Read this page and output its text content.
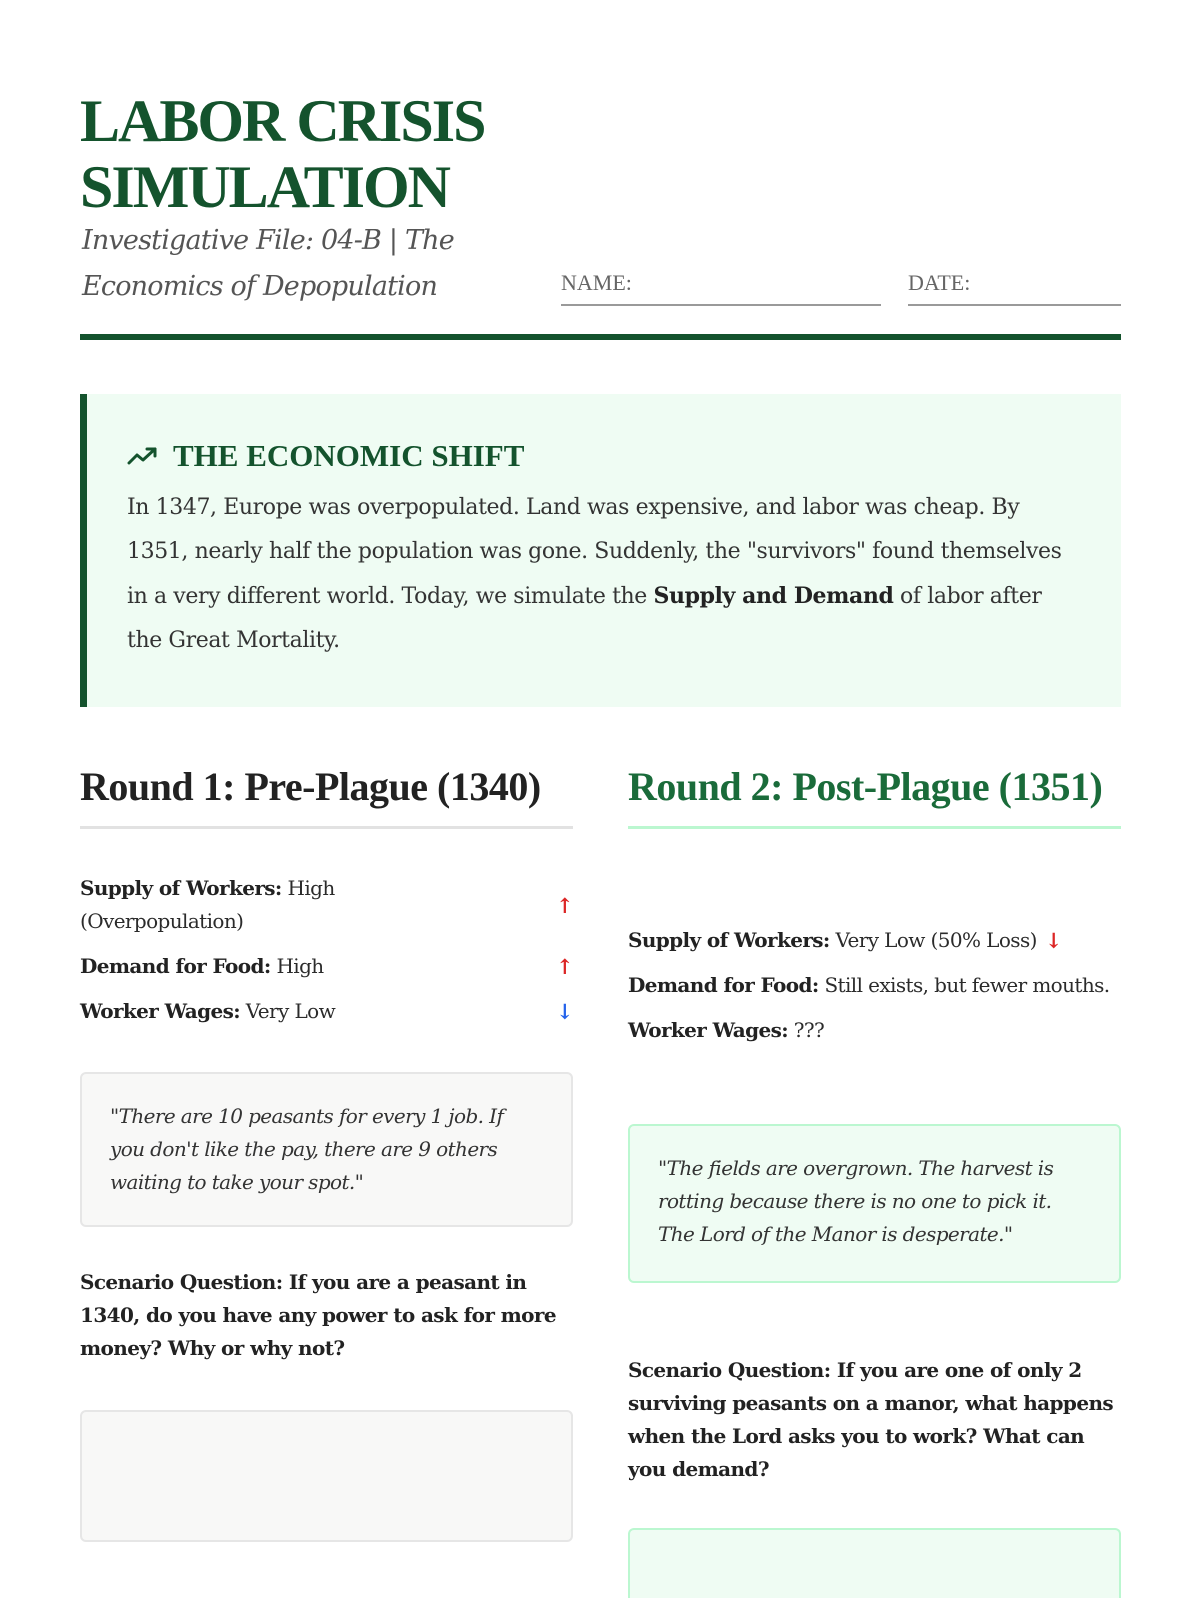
LABOR CRISIS SIMULATION
Investigative File: 04-B | The Economics of Depopulation	NAME:	DATE:
THE ECONOMIC SHIFT

In 1347, Europe was overpopulated. Land was expensive, and labor was cheap. By 1351, nearly half the population was gone. Suddenly, the "survivors" found themselves in a very different world. Today, we simulate the Supply and Demand of labor after the Great Mortality.

Round 1: Pre-Plague (1340)
Supply of Workers: High (Overpopulation)
↑
Demand for Food: High	↑
Worker Wages: Very Low	↓
"There are 10 peasants for every 1 job. If you don't like the pay, there are 9 others waiting to take your spot."
Scenario Question: If you are a peasant in 1340, do you have any power to ask for more money? Why or why not?
Round 2: Post-Plague (1351)
Supply of Workers: Very Low (50% Loss) ↓
Demand for Food: Still exists, but fewer mouths.
Worker Wages: ???
"The fields are overgrown. The harvest is rotting because there is no one to pick it. The Lord of the Manor is desperate."
Scenario Question: If you are one of only 2 surviving peasants on a manor, what happens when the Lord asks you to work? What can you demand?
